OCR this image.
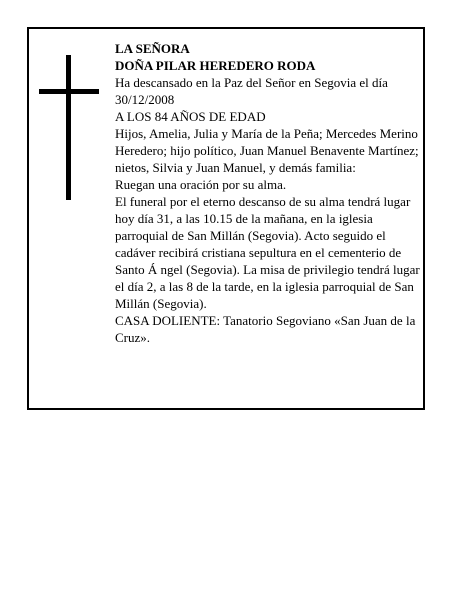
LA SEÑORA

DOÑA PILAR HEREDERO RODA

Ha descansado en la Paz del Señor en Segovia el día 30/12/2008

A LOS 84 AÑOS DE EDAD

Hijos, Amelia, Julia y María de la Peña; Mercedes Merino Heredero; hijo político, Juan Manuel Benavente Martínez; nietos, Silvia y Juan Manuel, y demás familia:

Ruegan una oración por su alma.

El funeral por el eterno descanso de su alma tendrá lugar hoy día 31, a las 10.15 de la mañana, en la iglesia parroquial de San Millán (Segovia). Acto seguido el cadáver recibirá cristiana sepultura en el cementerio de Santo Á ngel (Segovia). La misa de privilegio tendrá lugar el día 2, a las 8 de la tarde, en la iglesia parroquial de San Millán (Segovia).

CASA DOLIENTE: Tanatorio Segoviano «San Juan de la Cruz».
